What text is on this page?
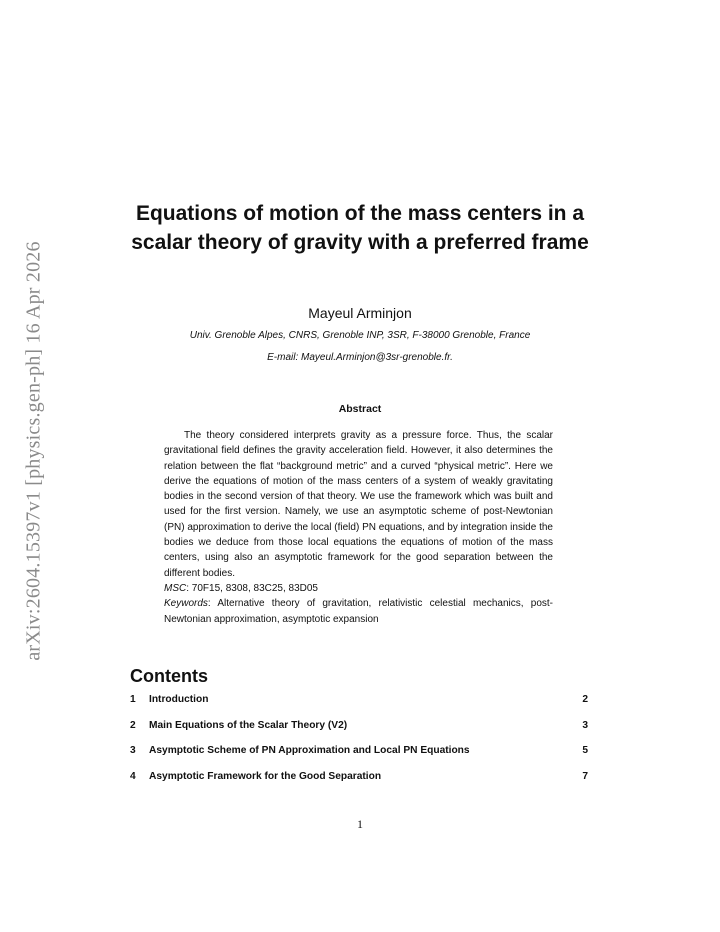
arXiv:2604.15397v1 [physics.gen-ph] 16 Apr 2026
Equations of motion of the mass centers in a scalar theory of gravity with a preferred frame
Mayeul Arminjon
Univ. Grenoble Alpes, CNRS, Grenoble INP, 3SR, F-38000 Grenoble, France
E-mail: Mayeul.Arminjon@3sr-grenoble.fr.
Abstract

The theory considered interprets gravity as a pressure force. Thus, the scalar gravitational field defines the gravity acceleration field. However, it also determines the relation between the flat “background metric” and a curved “physical metric”. Here we derive the equations of motion of the mass centers of a system of weakly gravitating bodies in the second version of that theory. We use the framework which was built and used for the first version. Namely, we use an asymptotic scheme of post-Newtonian (PN) approximation to derive the local (field) PN equations, and by integration inside the bodies we deduce from those local equations the equations of motion of the mass centers, using also an asymptotic framework for the good separation between the different bodies.

MSC: 70F15, 8308, 83C25, 83D05

Keywords: Alternative theory of gravitation, relativistic celestial mechanics, post-Newtonian approximation, asymptotic expansion

Contents
1	Introduction	2
2	Main Equations of the Scalar Theory (V2)	3
3	Asymptotic Scheme of PN Approximation and Local PN Equations	5
4	Asymptotic Framework for the Good Separation	7
1
